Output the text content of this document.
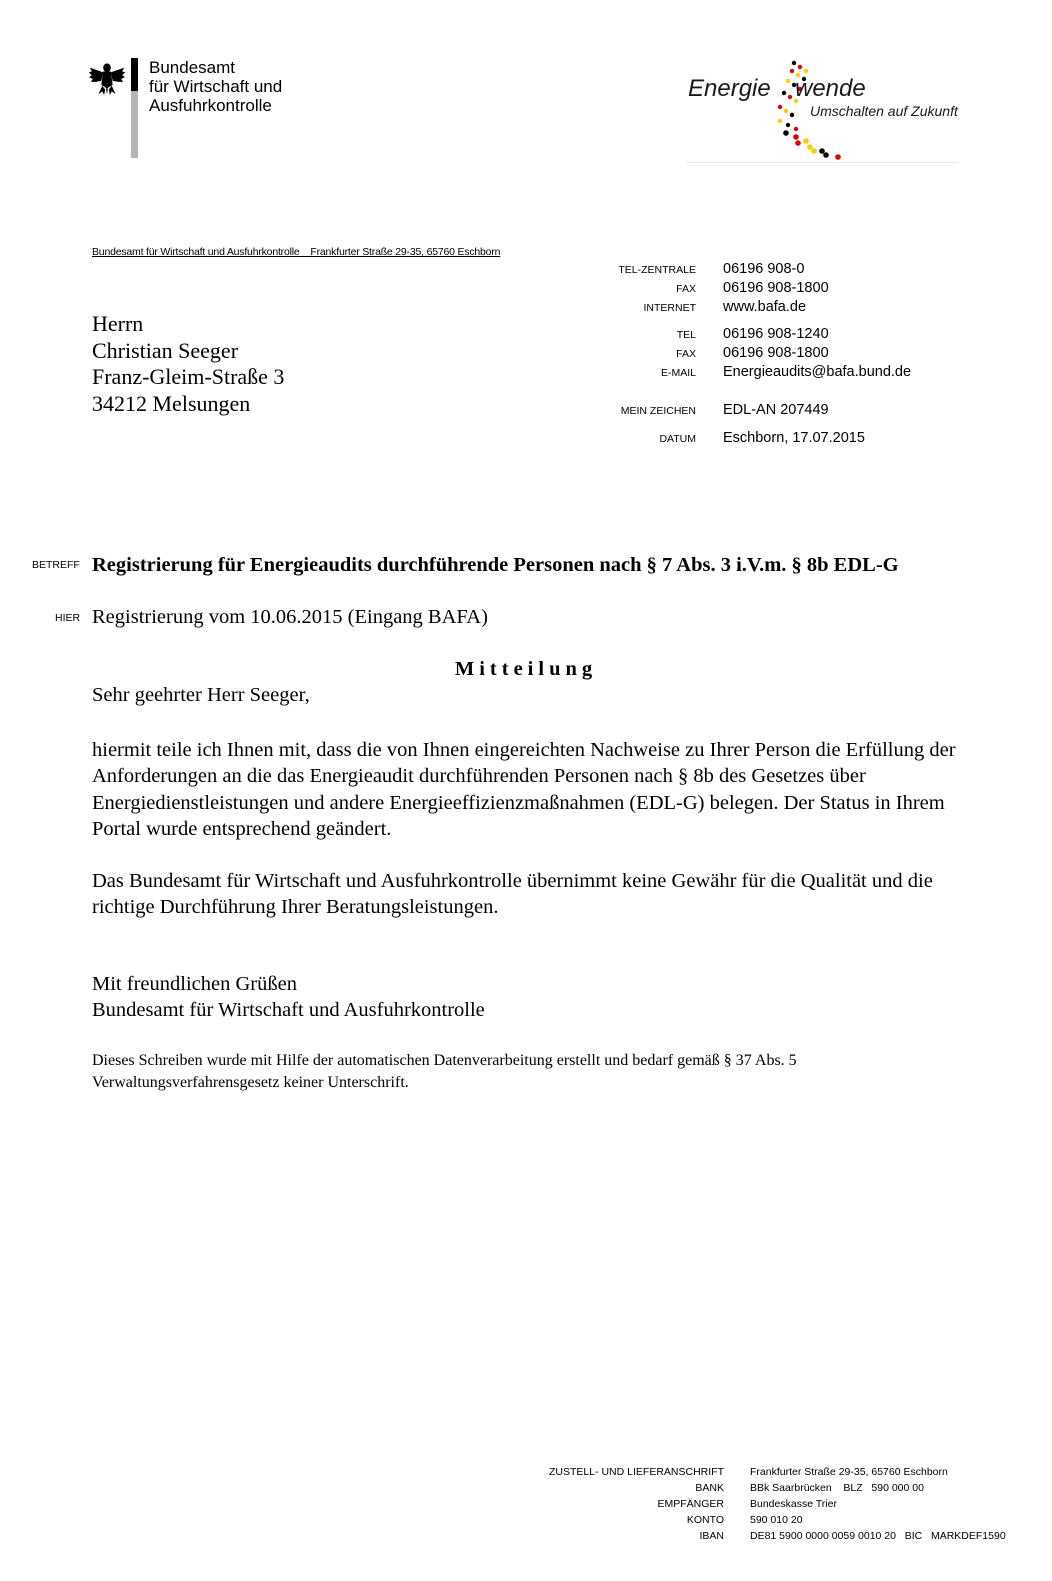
Bundesamt
für Wirtschaft und
Ausfuhrkontrolle
Energie wende
Umschalten auf Zukunft
Bundesamt für Wirtschaft und Ausfuhrkontrolle    Frankfurter Straße 29-35, 65760 Eschborn
TEL-ZENTRALE 06196 908-0
FAX 06196 908-1800
INTERNET www.bafa.de
TEL 06196 908-1240
FAX 06196 908-1800
E-MAIL Energieaudits@bafa.bund.de
MEIN ZEICHEN EDL-AN 207449
DATUM Eschborn, 17.07.2015
Herrn
Christian Seeger
Franz-Gleim-Straße 3
34212 Melsungen
BETREFF Registrierung für Energieaudits durchführende Personen nach § 7 Abs. 3 i.V.m. § 8b EDL-G
HIER Registrierung vom 10.06.2015 (Eingang BAFA)
Mitteilung
Sehr geehrter Herr Seeger,
hiermit teile ich Ihnen mit, dass die von Ihnen eingereichten Nachweise zu Ihrer Person die Erfüllung der Anforderungen an die das Energieaudit durchführenden Personen nach § 8b des Gesetzes über Energiedienstleistungen und andere Energieeffizienzmaßnahmen (EDL-G) belegen. Der Status in Ihrem Portal wurde entsprechend geändert.
Das Bundesamt für Wirtschaft und Ausfuhrkontrolle übernimmt keine Gewähr für die Qualität und die richtige Durchführung Ihrer Beratungsleistungen.
Mit freundlichen Grüßen
Bundesamt für Wirtschaft und Ausfuhrkontrolle
Dieses Schreiben wurde mit Hilfe der automatischen Datenverarbeitung erstellt und bedarf gemäß § 37 Abs. 5 Verwaltungsverfahrensgesetz keiner Unterschrift.
ZUSTELL- UND LIEFERANSCHRIFT Frankfurter Straße 29-35, 65760 Eschborn
BANK BBk Saarbrücken    BLZ   590 000 00
EMPFÄNGER Bundeskasse Trier
KONTO 590 010 20
IBAN DE81 5900 0000 0059 0010 20   BIC   MARKDEF1590
